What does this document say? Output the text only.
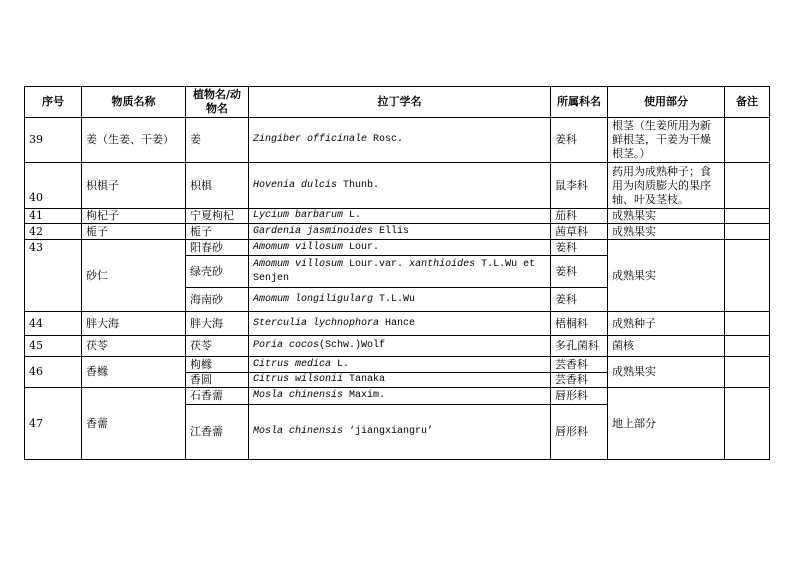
序号	物质名称	植物名/动物名	拉丁学名	所属科名	使用部分	备注
39	姜（生姜、干姜）	姜	Zingiber officinale Rosc.	姜科	根茎（生姜所用为新鲜根茎，干姜为干燥根茎。）	
40	枳椇子	枳椇	Hovenia dulcis Thunb.	鼠李科	药用为成熟种子；食用为肉质膨大的果序轴、叶及茎枝。	
41	枸杞子	宁夏枸杞	Lycium barbarum L.	茄科	成熟果实	
42	栀子	栀子	Gardenia jasminoides Ellis	茜草科	成熟果实	
43	砂仁	阳春砂	Amomum villosum Lour.	姜科	成熟果实	
		绿壳砂	Amomum villosum Lour.var. xanthioides T.L.Wu et Senjen	姜科		
		海南砂	Amomum longiligularg T.L.Wu	姜科		
44	胖大海	胖大海	Sterculia lychnophora Hance	梧桐科	成熟种子	
45	茯苓	茯苓	Poria cocos(Schw.)Wolf	多孔菌科	菌核	
46	香橼	枸橼	Citrus medica L.	芸香科	成熟果实	
		香圆	Citrus wilsonii Tanaka	芸香科		
47	香薷	石香薷	Mosla chinensis Maxim.	唇形科	地上部分	
		江香薷	Mosla chinensis ‘jiangxiangru’	唇形科		
